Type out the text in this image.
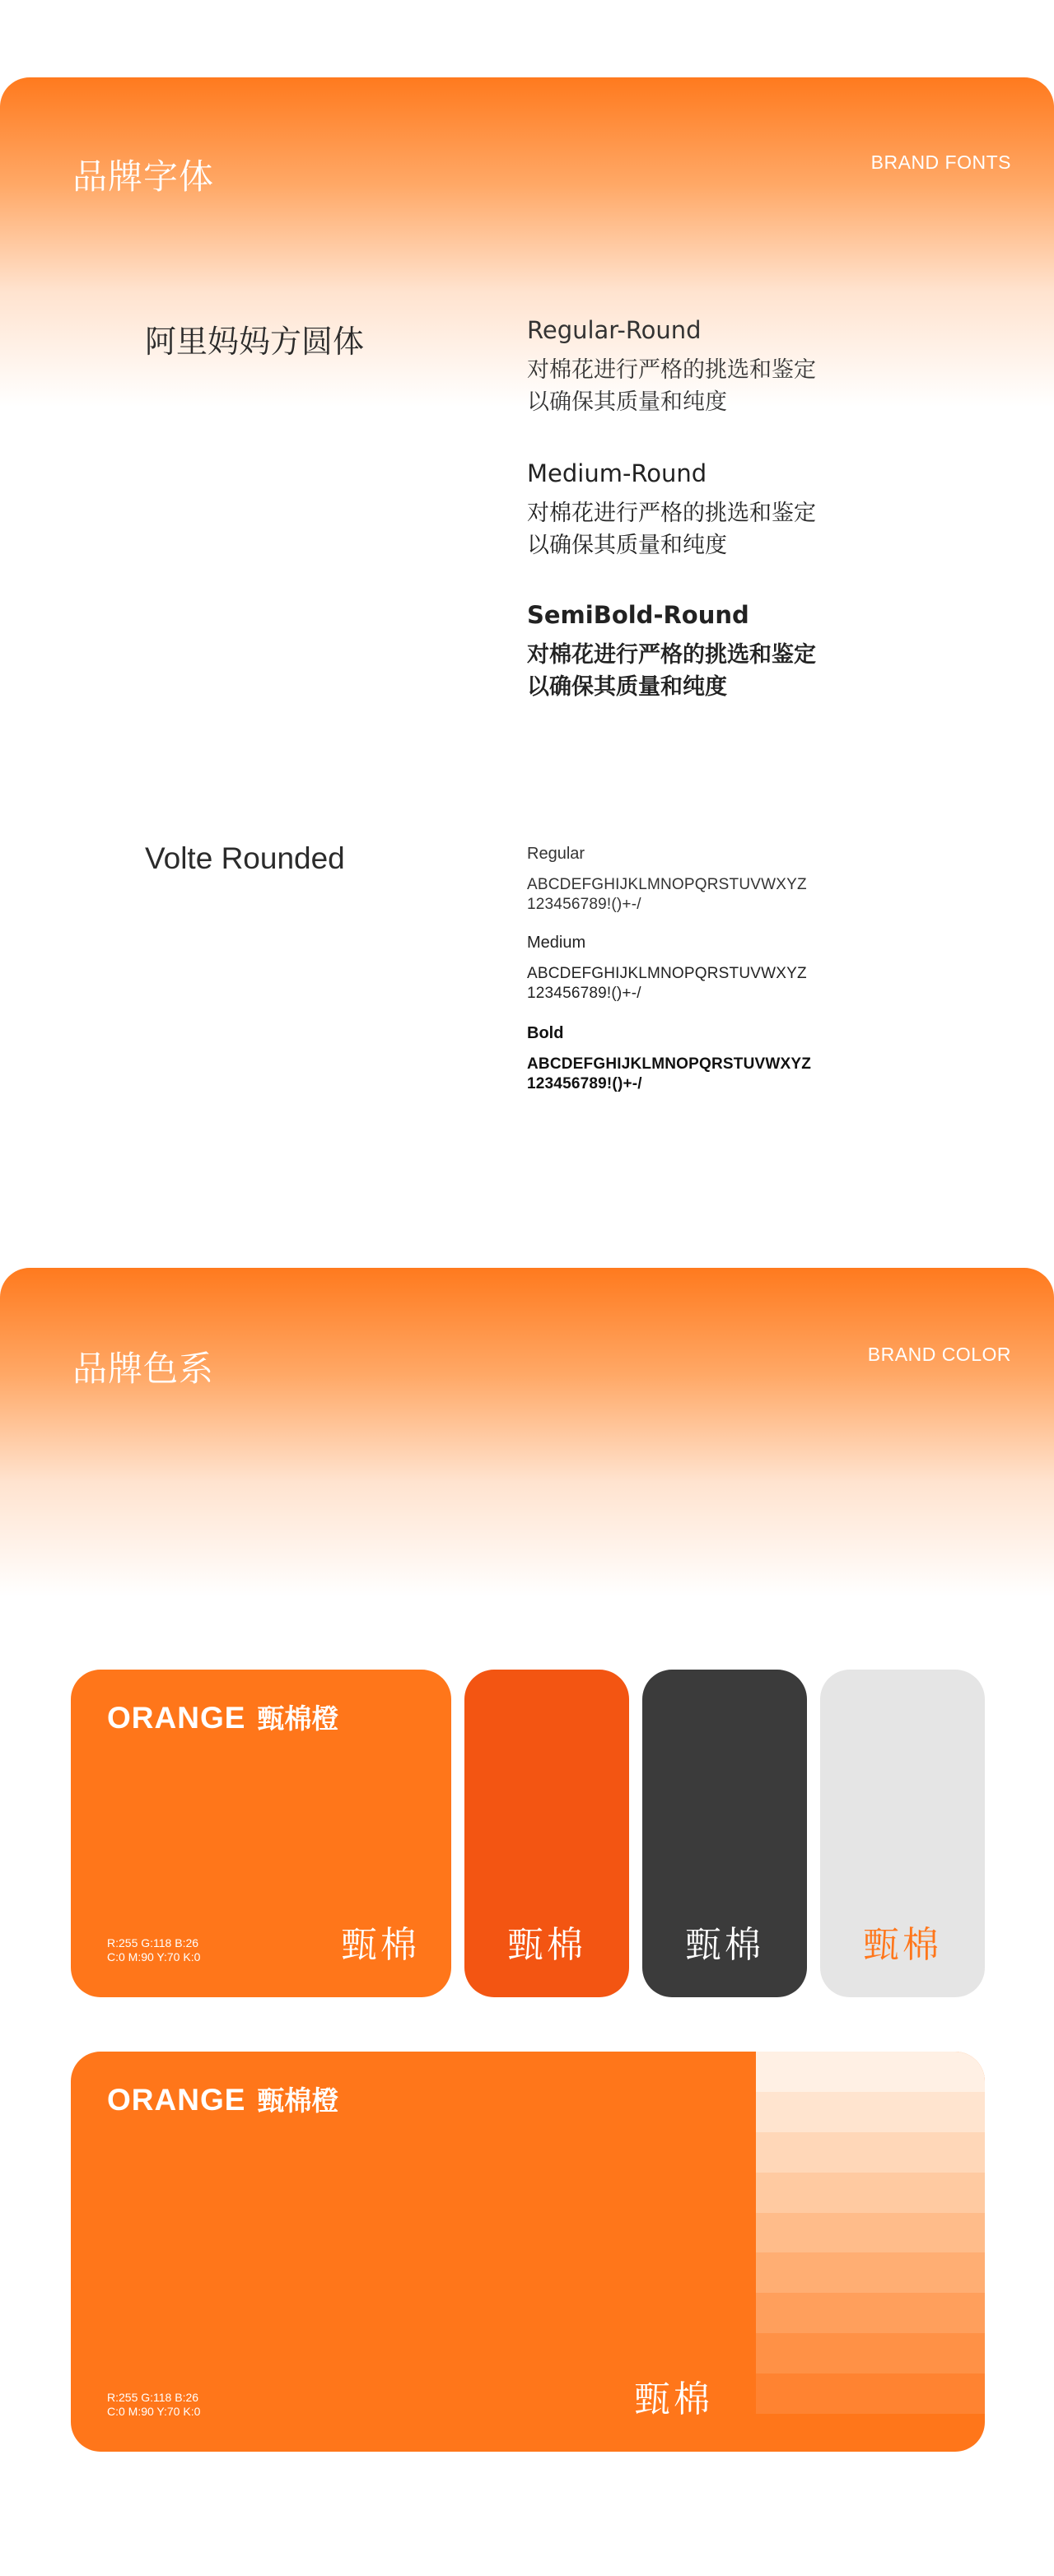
品牌字体	BRAND FONTS
阿里妈妈方圆体	Regular-Round
对棉花进行严格的挑选和鉴定
以确保其质量和纯度
Medium-Round
对棉花进行严格的挑选和鉴定
以确保其质量和纯度
SemiBold-Round
对棉花进行严格的挑选和鉴定
以确保其质量和纯度
Volte Rounded	Regular
ABCDEFGHIJKLMNOPQRSTUVWXYZ
123456789!()+-/
Medium
ABCDEFGHIJKLMNOPQRSTUVWXYZ
123456789!()+-/
Bold
ABCDEFGHIJKLMNOPQRSTUVWXYZ
123456789!()+-/
品牌色系	BRAND COLOR
ORANGE 甄棉橙
R:255 G:118 B:26
C:0 M:90 Y:70 K:0	甄棉	甄棉	甄棉	甄棉
ORANGE 甄棉橙
R:255 G:118 B:26
C:0 M:90 Y:70 K:0	甄棉
